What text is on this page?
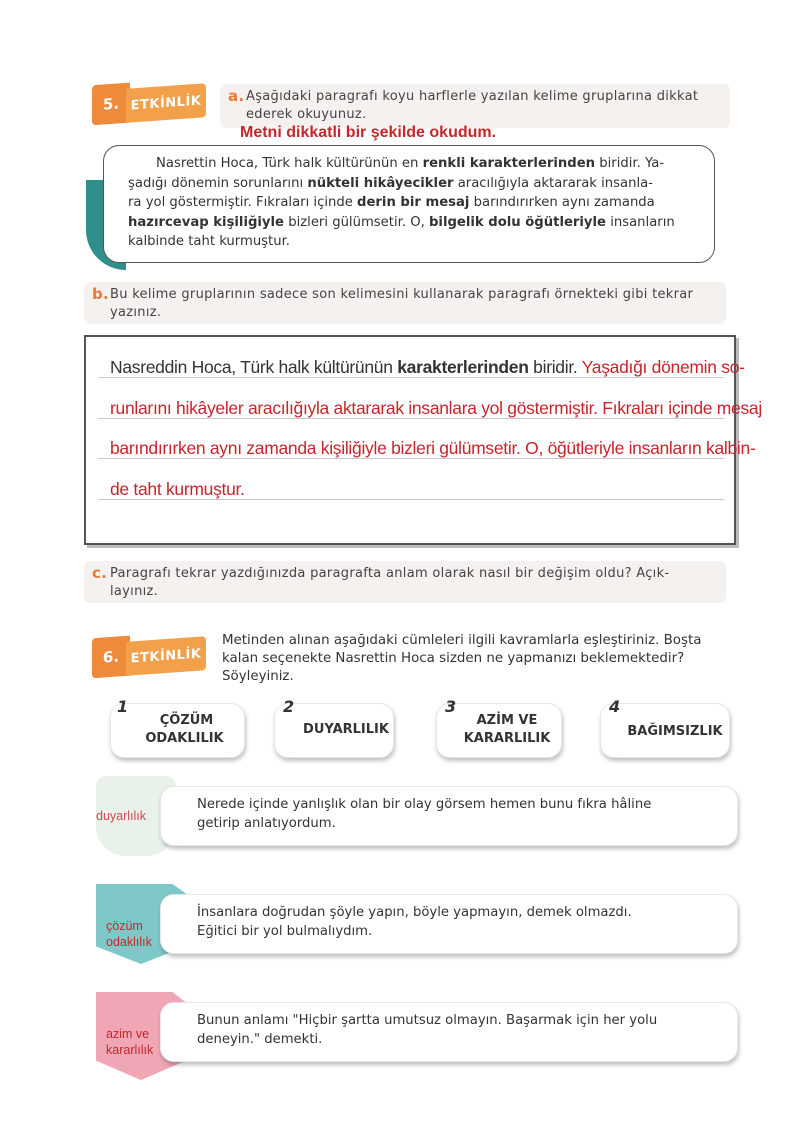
5. ETKİNLİK	a. Aşağıdaki paragrafı koyu harflerle yazılan kelime gruplarına dikkat
ederek okuyunuz.
Metni dikkatli bir şekilde okudum.
Nasrettin Hoca, Türk halk kültürünün en renkli karakterlerinden biridir. Ya-
şadığı dönemin sorunlarını nükteli hikâyecikler aracılığıyla aktararak insanla-
ra yol göstermiştir. Fıkraları içinde derin bir mesaj barındırırken aynı zamanda
hazırcevap kişiliğiyle bizleri gülümsetir. O, bilgelik dolu öğütleriyle insanların
kalbinde taht kurmuştur.
b. Bu kelime gruplarının sadece son kelimesini kullanarak paragrafı örnekteki gibi tekrar
yazınız.
Nasreddin Hoca, Türk halk kültürünün karakterlerinden biridir. Yaşadığı dönemin so-
runlarını hikâyeler aracılığıyla aktararak insanlara yol göstermiştir. Fıkraları içinde mesaj
barındırırken aynı zamanda kişiliğiyle bizleri gülümsetir. O, öğütleriyle insanların kalbin-
de taht kurmuştur.
c. Paragrafı tekrar yazdığınızda paragrafta anlam olarak nasıl bir değişim oldu? Açık-
layınız.
6. ETKİNLİK
Metinden alınan aşağıdaki cümleleri ilgili kavramlarla eşleştiriniz. Boşta
kalan seçenekte Nasrettin Hoca sizden ne yapmanızı beklemektedir?
Söyleyiniz.
1
ÇÖZÜM
ODAKLILIK
2
DUYARLILIK
3
AZİM VE
KARARLILIK
4
BAĞIMSIZLIK
duyarlılık
Nerede içinde yanlışlık olan bir olay görsem hemen bunu fıkra hâline
getirip anlatıyordum.
çözüm
odaklılık
İnsanlara doğrudan şöyle yapın, böyle yapmayın, demek olmazdı.
Eğitici bir yol bulmalıydım.
azim ve
kararlılık
Bunun anlamı "Hiçbir şartta umutsuz olmayın. Başarmak için her yolu
deneyin." demekti.
